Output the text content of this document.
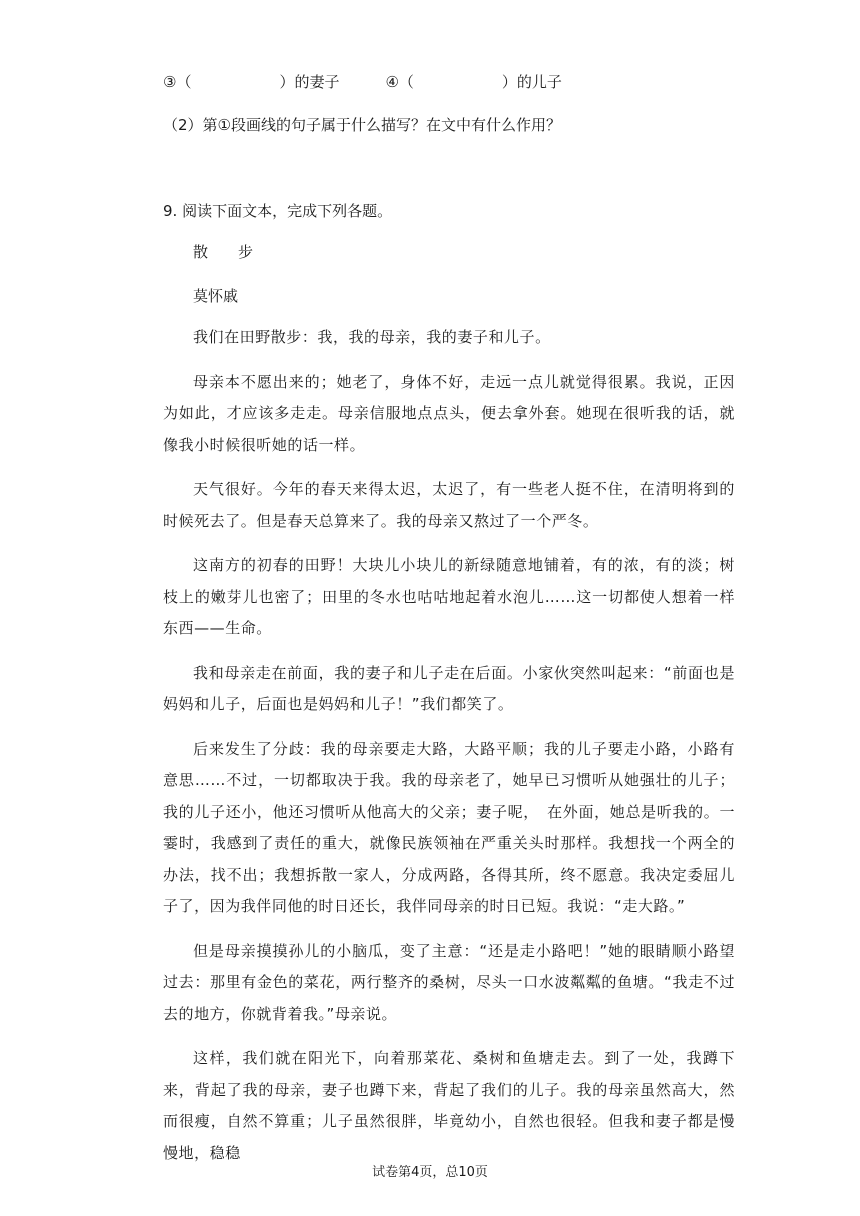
③（	）的妻子	④（	）的儿子
（2）第①段画线的句子属于什么描写？在文中有什么作用？
9. 阅读下面文本，完成下列各题。
散　　步
莫怀戚

我们在田野散步：我，我的母亲，我的妻子和儿子。

母亲本不愿出来的；她老了，身体不好，走远一点儿就觉得很累。我说，正因为如此，才应该多走走。母亲信服地点点头，便去拿外套。她现在很听我的话，就像我小时候很听她的话一样。

天气很好。今年的春天来得太迟，太迟了，有一些老人挺不住，在清明将到的时候死去了。但是春天总算来了。我的母亲又熬过了一个严冬。

这南方的初春的田野！大块儿小块儿的新绿随意地铺着，有的浓，有的淡；树枝上的嫩芽儿也密了；田里的冬水也咕咕地起着水泡儿……这一切都使人想着一样东西——生命。

我和母亲走在前面，我的妻子和儿子走在后面。小家伙突然叫起来：“前面也是妈妈和儿子，后面也是妈妈和儿子！”我们都笑了。

后来发生了分歧：我的母亲要走大路，大路平顺；我的儿子要走小路，小路有意思……不过，一切都取决于我。我的母亲老了，她早已习惯听从她强壮的儿子；我的儿子还小，他还习惯听从他高大的父亲；妻子呢，　在外面，她总是听我的。一霎时，我感到了责任的重大，就像民族领袖在严重关头时那样。我想找一个两全的办法，找不出；我想拆散一家人，分成两路，各得其所，终不愿意。我决定委屈儿子了，因为我伴同他的时日还长，我伴同母亲的时日已短。我说：“走大路。”

但是母亲摸摸孙儿的小脑瓜，变了主意：“还是走小路吧！”她的眼睛顺小路望过去：那里有金色的菜花，两行整齐的桑树，尽头一口水波粼粼的鱼塘。“我走不过去的地方，你就背着我。”母亲说。

这样，我们就在阳光下，向着那菜花、桑树和鱼塘走去。到了一处，我蹲下来，背起了我的母亲，妻子也蹲下来，背起了我们的儿子。我的母亲虽然高大，然而很瘦，自然不算重；儿子虽然很胖，毕竟幼小，自然也很轻。但我和妻子都是慢慢地，稳稳

试卷第4页，总10页
